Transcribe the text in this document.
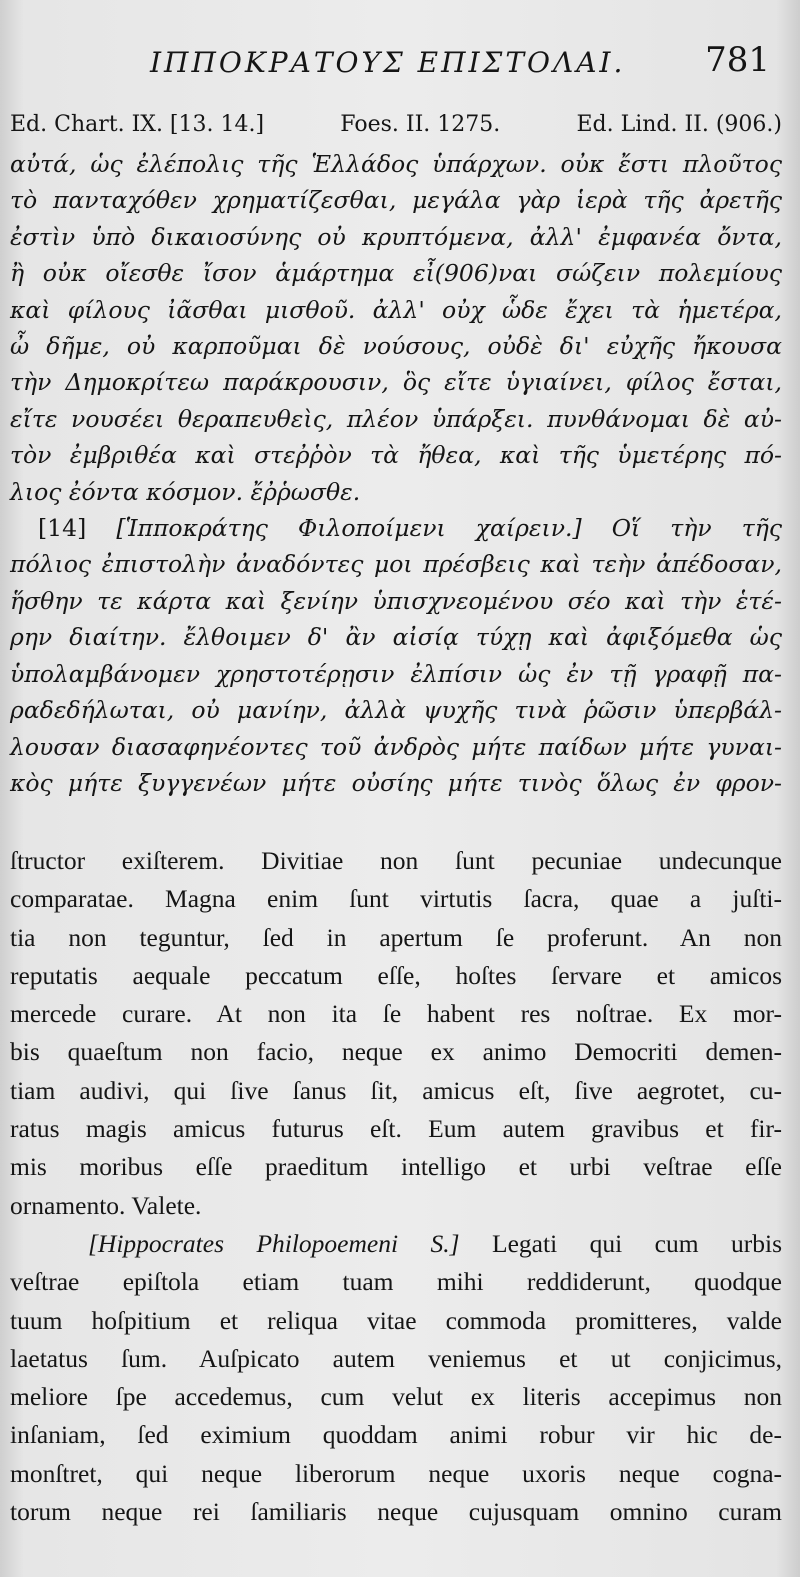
ΙΠΠΟΚΡΑΤΟΥΣ ΕΠΙΣΤΟΛΑΙ. 781
Ed. Chart. IX. [13. 14.]	Foes. II. 1275.	Ed. Lind. II. (906.)
αὐτά, ὡς ἐλέπολις τῆς Ἑλλάδος ὑπάρχων. οὐκ ἔστι πλοῦτος
τὸ πανταχόθεν χρηματίζεσθαι, μεγάλα γὰρ ἱερὰ τῆς ἀρετῆς
ἐστὶν ὑπὸ δικαιοσύνης οὐ κρυπτόμενα, ἀλλ' ἐμφανέα ὄντα,
ἢ οὐκ οἴεσθε ἴσον ἁμάρτημα εἶ(906)ναι σώζειν πολεμίους
καὶ φίλους ἰᾶσθαι μισθοῦ. ἀλλ' οὐχ ὧδε ἔχει τὰ ἡμετέρα,
ὦ δῆμε, οὐ καρποῦμαι δὲ νούσους, οὐδὲ δι' εὐχῆς ἤκουσα
τὴν Δημοκρίτεω παράκρουσιν, ὃς εἴτε ὑγιαίνει, φίλος ἔσται,
εἴτε νουσέει θεραπευθεὶς, πλέον ὑπάρξει. πυνθάνομαι δὲ αὐ-
τὸν ἐμβριθέα καὶ στεῤῥὸν τὰ ἤθεα, καὶ τῆς ὑμετέρης πό-
λιος ἐόντα κόσμον. ἔῤῥωσθε.
[14] [Ἱπποκράτης Φιλοποίμενι χαίρειν.] Οἵ τὴν τῆς
πόλιος ἐπιστολὴν ἀναδόντες μοι πρέσβεις καὶ τεὴν ἀπέδοσαν,
ἥσθην τε κάρτα καὶ ξενίην ὑπισχνεομένου σέο καὶ τὴν ἑτέ-
ρην διαίτην. ἔλθοιμεν δ' ἂν αἰσίᾳ τύχῃ καὶ ἀφιξόμεθα ὡς
ὑπολαμβάνομεν χρηστοτέρῃσιν ἐλπίσιν ὡς ἐν τῇ γραφῇ πα-
ραδεδήλωται, οὐ μανίην, ἀλλὰ ψυχῆς τινὰ ῥῶσιν ὑπερβάλ-
λουσαν διασαφηνέοντες τοῦ ἀνδρὸς μήτε παίδων μήτε γυναι-
κὸς μήτε ξυγγενέων μήτε οὐσίης μήτε τινὸς ὅλως ἐν φρον-
ſtructor exiſterem. Divitiae non ſunt pecuniae undecunque
comparatae. Magna enim ſunt virtutis ſacra, quae a juſti-
tia non teguntur, ſed in apertum ſe proferunt. An non
reputatis aequale peccatum eſſe, hoſtes ſervare et amicos
mercede curare. At non ita ſe habent res noſtrae. Ex mor-
bis quaeſtum non facio, neque ex animo Democriti demen-
tiam audivi, qui ſive ſanus ſit, amicus eſt, ſive aegrotet, cu-
ratus magis amicus futurus eſt. Eum autem gravibus et fir-
mis moribus eſſe praeditum intelligo et urbi veſtrae eſſe
ornamento. Valete.
[Hippocrates Philopoemeni S.] Legati qui cum urbis
veſtrae epiſtola etiam tuam mihi reddiderunt, quodque
tuum hoſpitium et reliqua vitae commoda promitteres, valde
laetatus ſum. Auſpicato autem veniemus et ut conjicimus,
meliore ſpe accedemus, cum velut ex literis accepimus non
inſaniam, ſed eximium quoddam animi robur vir hic de-
monſtret, qui neque liberorum neque uxoris neque cogna-
torum neque rei ſamiliaris neque cujusquam omnino curam
